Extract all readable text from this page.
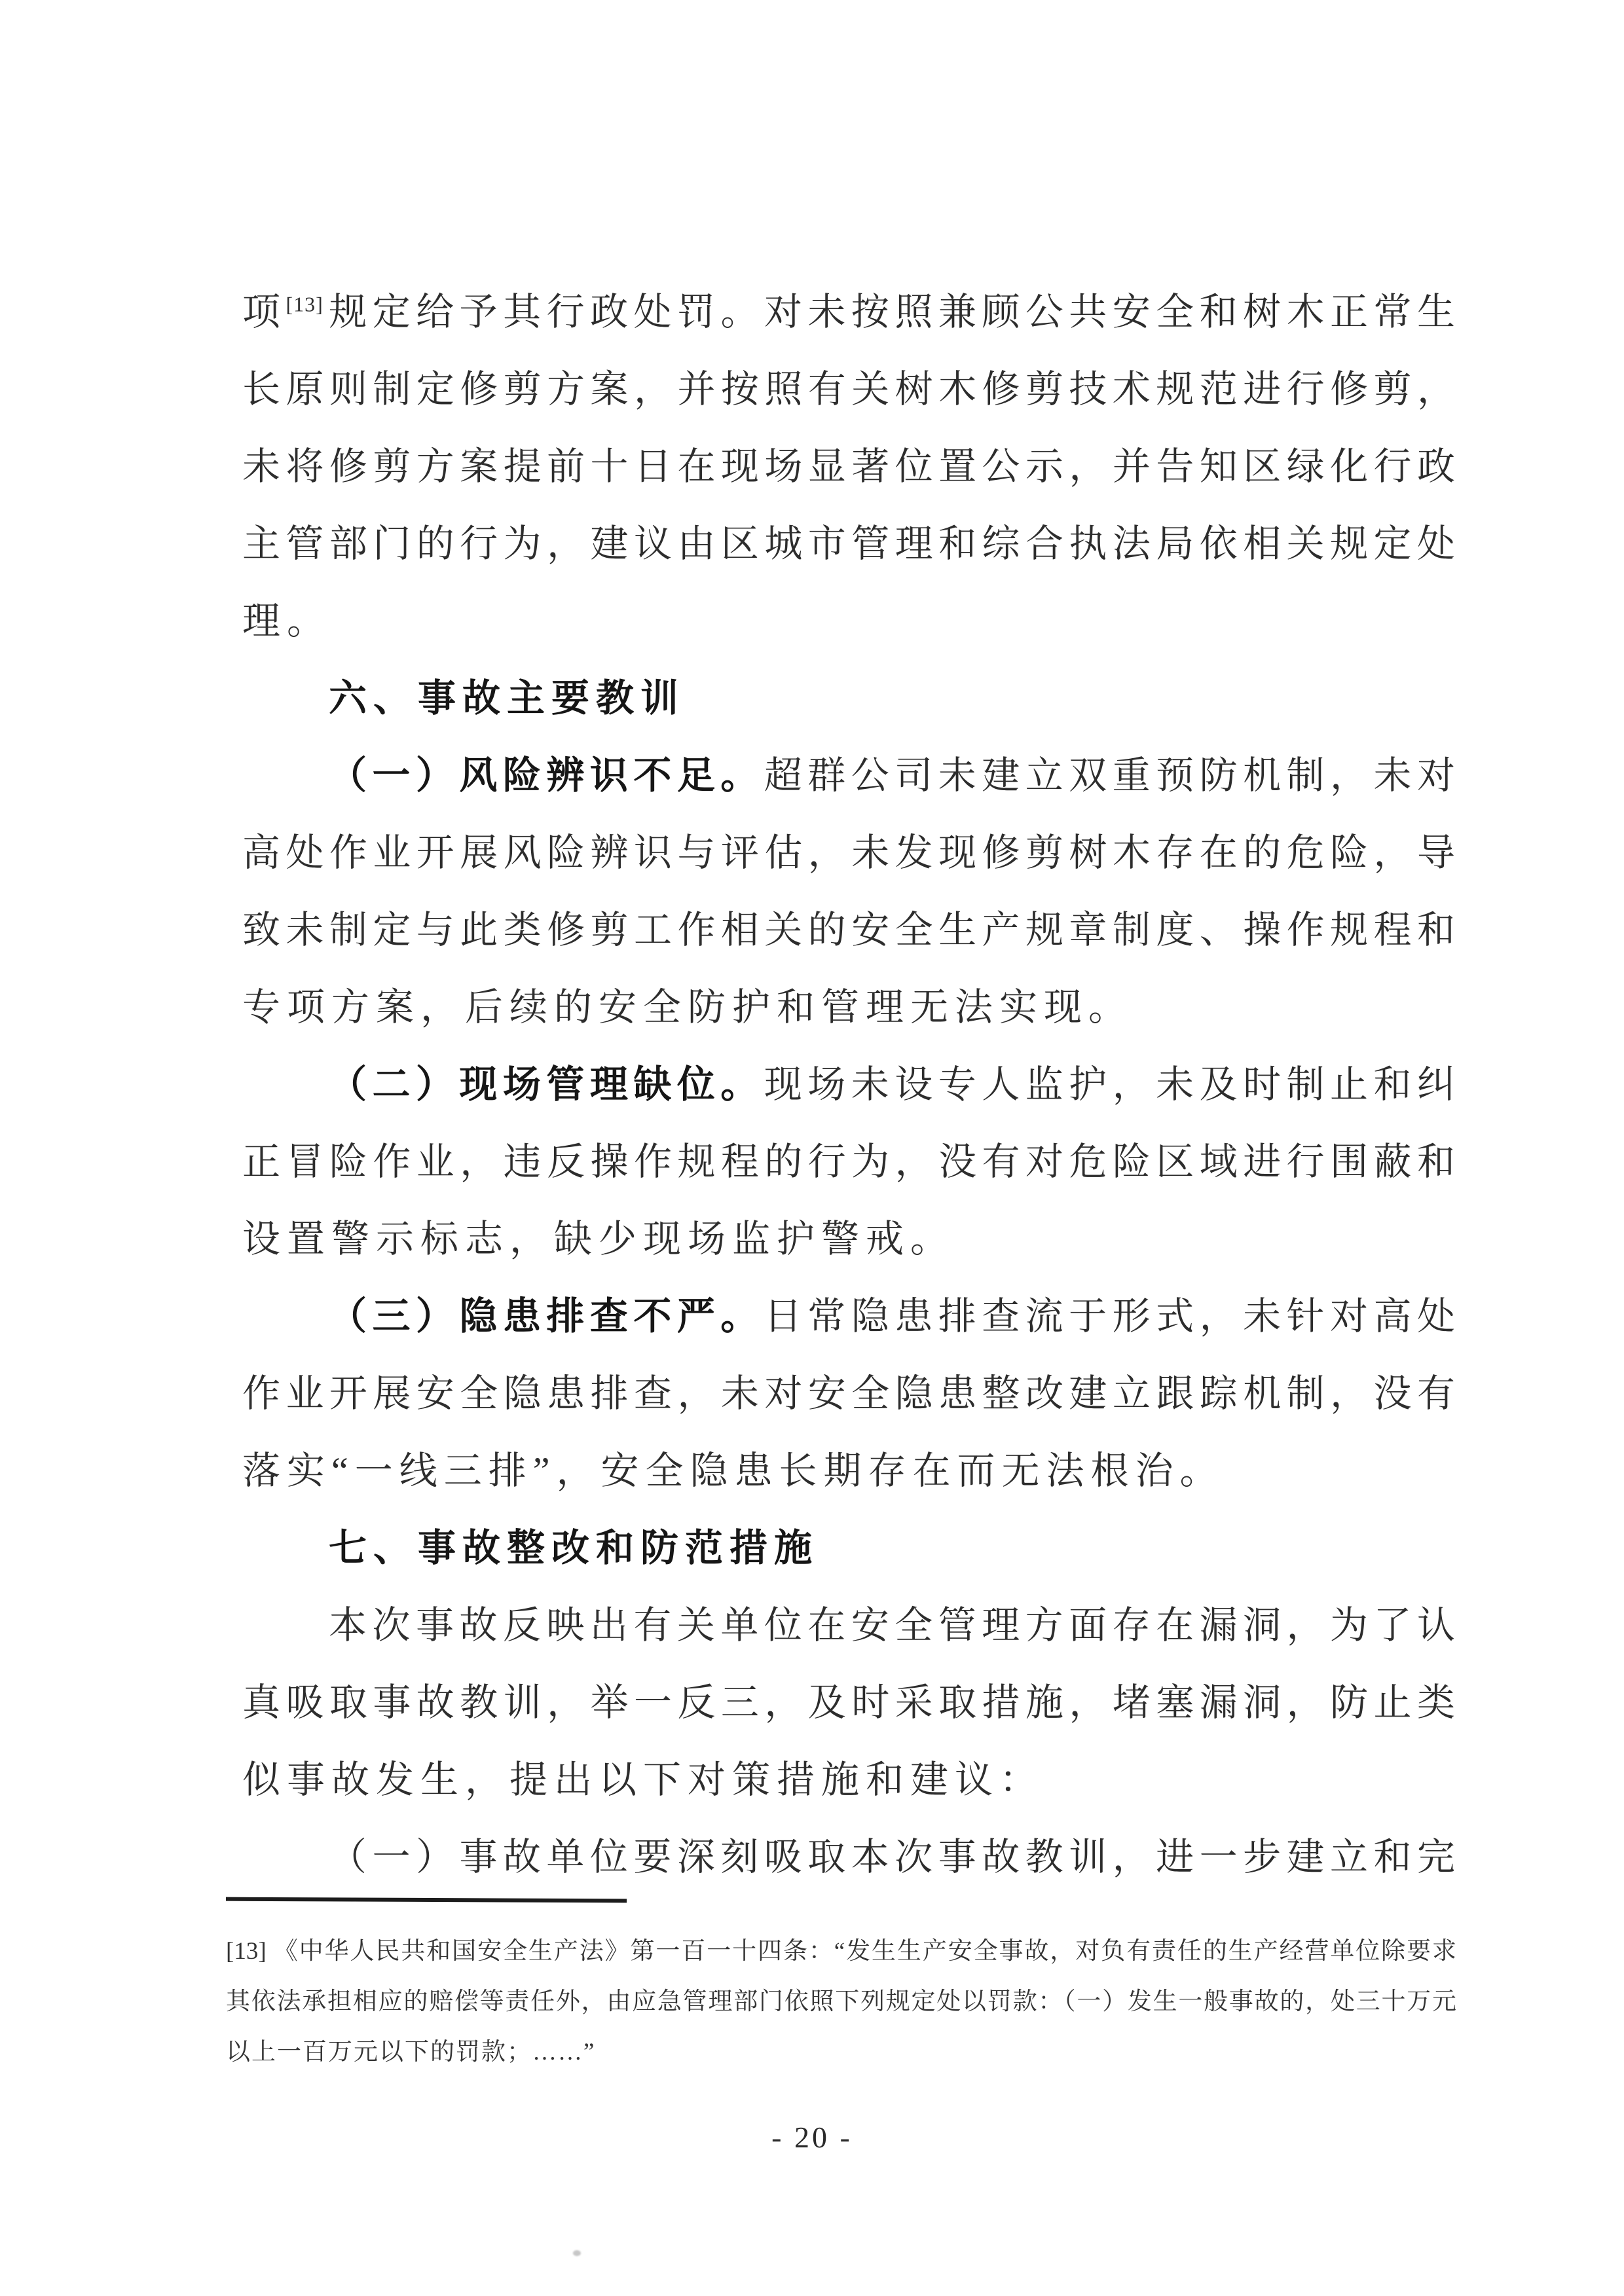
项[13]规定给予其行政处罚。对未按照兼顾公共安全和树木正常生
长原则制定修剪方案，并按照有关树木修剪技术规范进行修剪，
未将修剪方案提前十日在现场显著位置公示，并告知区绿化行政
主管部门的行为，建议由区城市管理和综合执法局依相关规定处
理。
六、事故主要教训
（一）风险辨识不足。超群公司未建立双重预防机制，未对
高处作业开展风险辨识与评估，未发现修剪树木存在的危险，导
致未制定与此类修剪工作相关的安全生产规章制度、操作规程和
专项方案，后续的安全防护和管理无法实现。
（二）现场管理缺位。现场未设专人监护，未及时制止和纠
正冒险作业，违反操作规程的行为，没有对危险区域进行围蔽和
设置警示标志，缺少现场监护警戒。
（三）隐患排查不严。日常隐患排查流于形式，未针对高处
作业开展安全隐患排查，未对安全隐患整改建立跟踪机制，没有
落实“一线三排”，安全隐患长期存在而无法根治。
七、事故整改和防范措施
本次事故反映出有关单位在安全管理方面存在漏洞，为了认
真吸取事故教训，举一反三，及时采取措施，堵塞漏洞，防止类
似事故发生，提出以下对策措施和建议：
（一）事故单位要深刻吸取本次事故教训，进一步建立和完
[13] 《中华人民共和国安全生产法》第一百一十四条：“发生生产安全事故，对负有责任的生产经营单位除要求
其依法承担相应的赔偿等责任外，由应急管理部门依照下列规定处以罚款：（一）发生一般事故的，处三十万元
以上一百万元以下的罚款；……”
- 20 -
